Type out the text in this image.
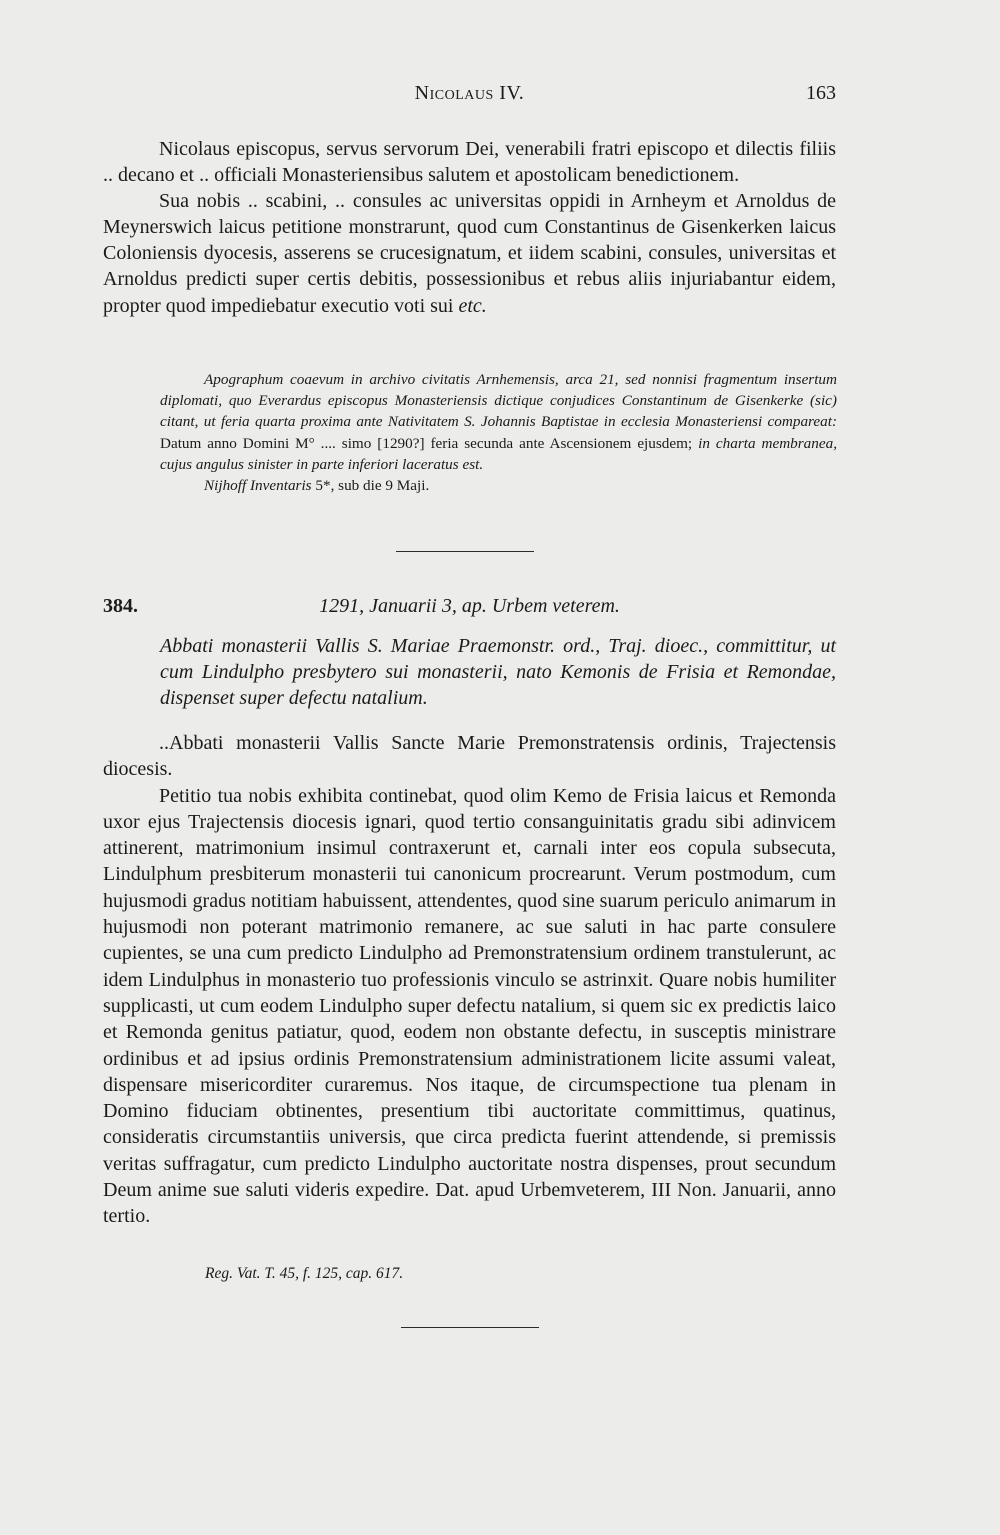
Nicolaus IV.	163

Nicolaus episcopus, servus servorum Dei, venerabili fratri episcopo et dilectis filiis .. decano et .. officiali Monasteriensibus salutem et apostolicam benedictionem.

Sua nobis .. scabini, .. consules ac universitas oppidi in Arnheym et Arnoldus de Meynerswich laicus petitione monstrarunt, quod cum Constantinus de Gisenkerken laicus Coloniensis dyocesis, asserens se crucesignatum, et iidem scabini, consules, universitas et Arnoldus predicti super certis debitis, possessionibus et rebus aliis injuriabantur eidem, propter quod impediebatur executio voti sui etc.

Apographum coaevum in archivo civitatis Arnhemensis, arca 21, sed nonnisi fragmentum insertum diplomati, quo Everardus episcopus Monasteriensis dictique conjudices Constantinum de Gisenkerke (sic) citant, ut feria quarta proxima ante Nativitatem S. Johannis Baptistae in ecclesia Monasteriensi compareat: Datum anno Domini M° .... simo [1290?] feria secunda ante Ascensionem ejusdem; in charta membranea, cujus angulus sinister in parte inferiori laceratus est.

Nijhoff Inventaris 5*, sub die 9 Maji.

384.	1291, Januarii 3, ap. Urbem veterem.

Abbati monasterii Vallis S. Mariae Praemonstr. ord., Traj. dioec., committitur, ut cum Lindulpho presbytero sui monasterii, nato Kemonis de Frisia et Remondae, dispenset super defectu natalium.

..Abbati monasterii Vallis Sancte Marie Premonstratensis ordinis, Trajectensis diocesis.

Petitio tua nobis exhibita continebat, quod olim Kemo de Frisia laicus et Remonda uxor ejus Trajectensis diocesis ignari, quod tertio consanguinitatis gradu sibi adinvicem attinerent, matrimonium insimul contraxerunt et, carnali inter eos copula subsecuta, Lindulphum presbiterum monasterii tui canonicum procrearunt. Verum postmodum, cum hujusmodi gradus notitiam habuissent, attendentes, quod sine suarum periculo animarum in hujusmodi non poterant matrimonio remanere, ac sue saluti in hac parte consulere cupientes, se una cum predicto Lindulpho ad Premonstratensium ordinem transtulerunt, ac idem Lindulphus in monasterio tuo professionis vinculo se astrinxit. Quare nobis humiliter supplicasti, ut cum eodem Lindulpho super defectu natalium, si quem sic ex predictis laico et Remonda genitus patiatur, quod, eodem non obstante defectu, in susceptis ministrare ordinibus et ad ipsius ordinis Premonstratensium administrationem licite assumi valeat, dispensare misericorditer curaremus. Nos itaque, de circumspectione tua plenam in Domino fiduciam obtinentes, presentium tibi auctoritate committimus, quatinus, consideratis circumstantiis universis, que circa predicta fuerint attendende, si premissis veritas suffragatur, cum predicto Lindulpho auctoritate nostra dispenses, prout secundum Deum anime sue saluti videris expedire. Dat. apud Urbemveterem, III Non. Januarii, anno tertio.

Reg. Vat. T. 45, f. 125, cap. 617.
